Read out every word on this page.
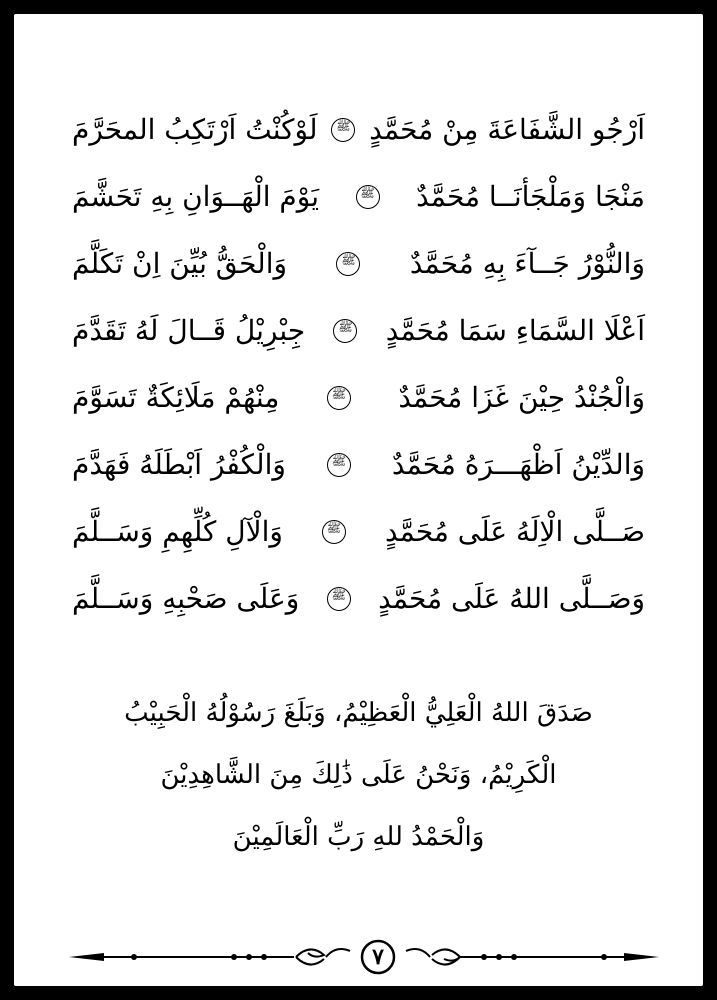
اَرْجُو الشَّفَاعَةَ مِنْ مُحَمَّدٍ
ﷺ
لَوْكُنْتُ اَرْتَكِبُ المحَرَّمَ
مَنْجَا وَمَلْجَأنَــا مُحَمَّدٌ
ﷺ
يَوْمَ الْهَــوَانِ بِهِ تَحَشَّمَ
وَالنُّوْرُ جَــآءَ بِهِ مُحَمَّدٌ
ﷺ
وَالْحَقُّ بُيِّنَ اِنْ تَكَلَّمَ
اَعْلَا السَّمَاءِ سَمَا مُحَمَّدٍ
ﷺ
جِبْرِيْلُ قَــالَ لَهُ تَقَدَّمَ
وَالْجُنْدُ حِيْنَ غَزَا مُحَمَّدٌ
ﷺ
مِنْهُمْ مَلَائِكَةٌ تَسَوَّمَ
وَالدِّيْنُ اَظْهَـــرَهُ مُحَمَّدٌ
ﷺ
وَالْكُفْرُ اَبْطَلَهُ فَهَدَّمَ
صَــلَّى الْاِلَهُ عَلَى مُحَمَّدٍ
ﷺ
وَالْآلِ كُلِّهِمِ وَسَــلَّمَ
وَصَــلَّى اللهُ عَلَى مُحَمَّدٍ
ﷺ
وَعَلَى صَحْبِهِ وَسَــلَّمَ
صَدَقَ اللهُ الْعَلِيُّ الْعَظِيْمُ، وَبَلَغَ رَسُوْلُهُ الْحَبِيْبُ
الْكَرِيْمُ، وَنَحْنُ عَلَى ذَٰلِكَ مِنَ الشَّاهِدِيْنَ
وَالْحَمْدُ للهِ رَبِّ الْعَالَمِيْنَ
٧
